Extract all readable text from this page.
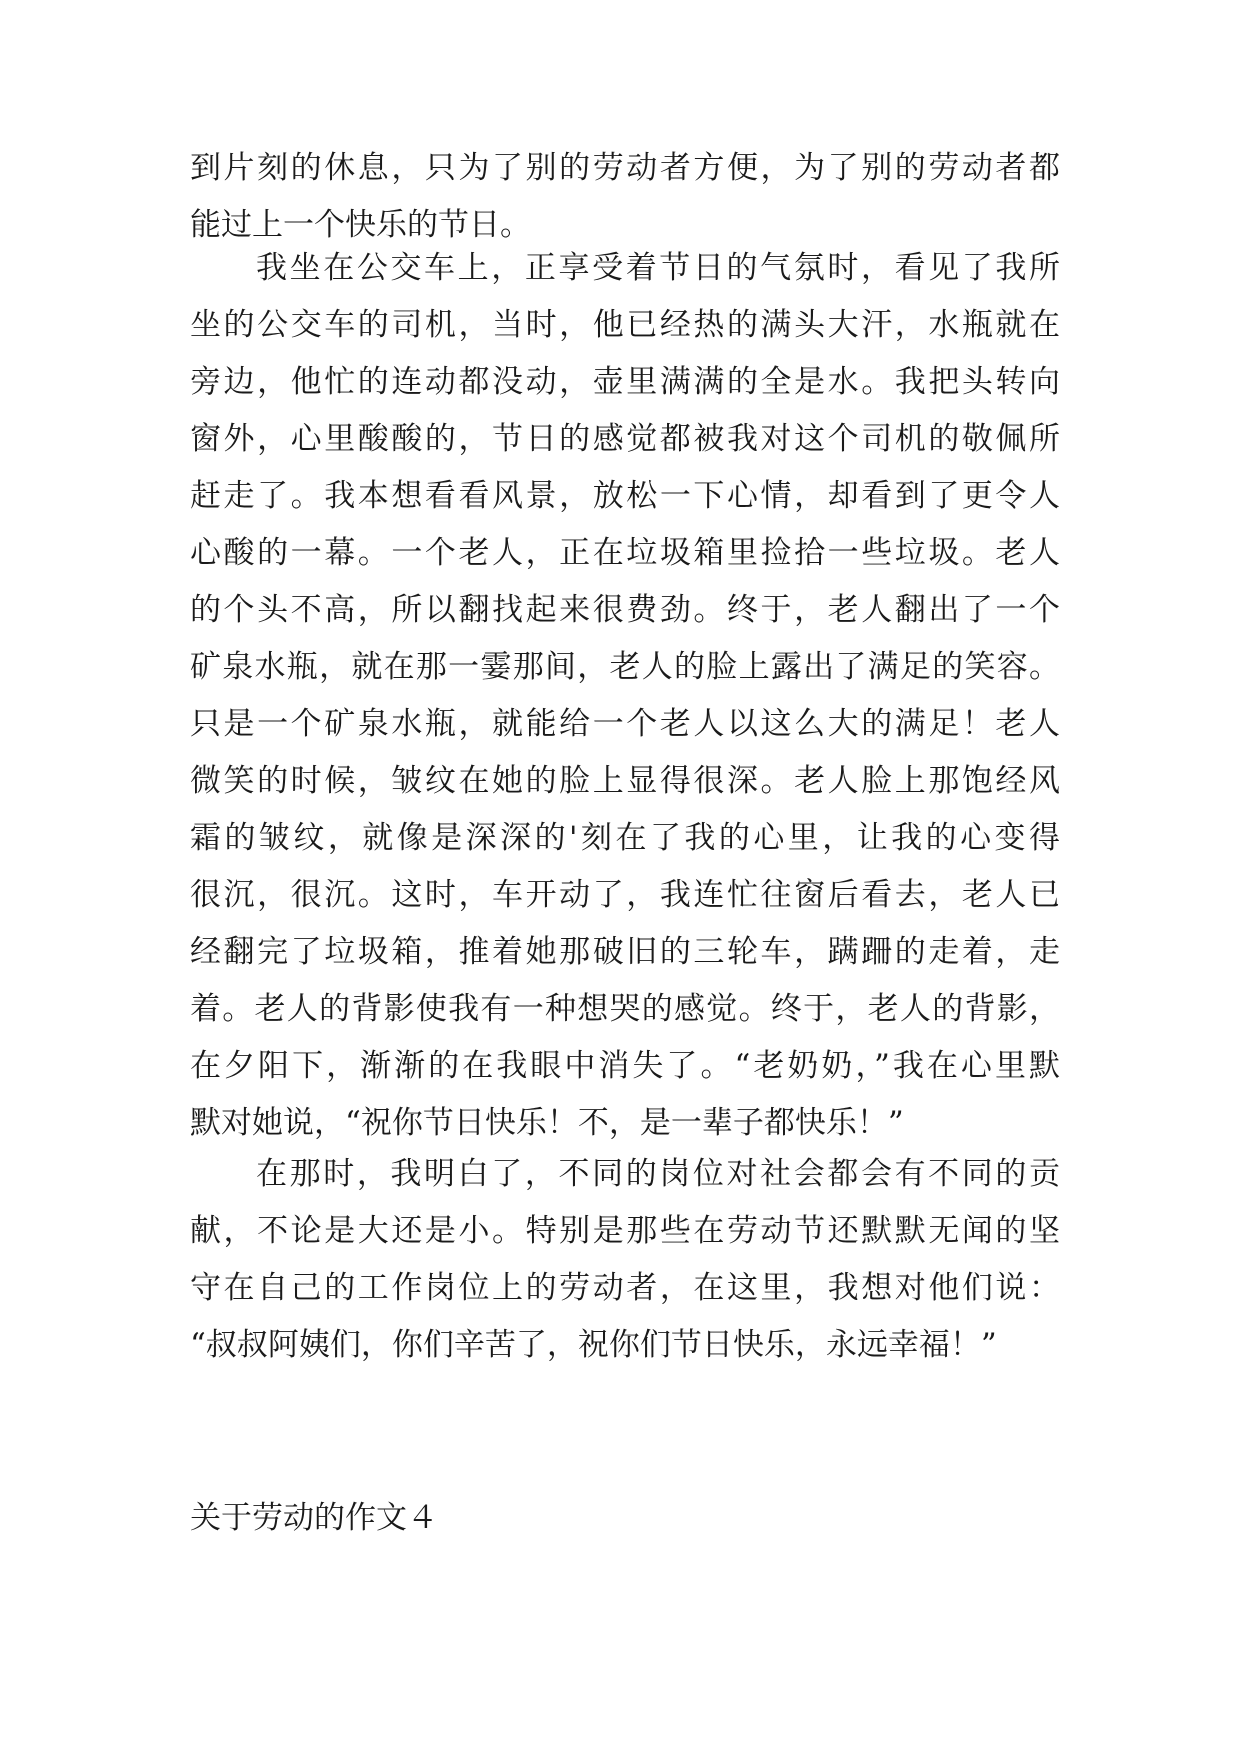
到片刻的休息，只为了别的劳动者方便，为了别的劳动者都
能过上一个快乐的节日。
我坐在公交车上，正享受着节日的气氛时，看见了我所
坐的公交车的司机，当时，他已经热的满头大汗，水瓶就在
旁边，他忙的连动都没动，壶里满满的全是水。我把头转向
窗外，心里酸酸的，节日的感觉都被我对这个司机的敬佩所
赶走了。我本想看看风景，放松一下心情，却看到了更令人
心酸的一幕。一个老人，正在垃圾箱里捡拾一些垃圾。老人
的个头不高，所以翻找起来很费劲。终于，老人翻出了一个
矿泉水瓶，就在那一霎那间，老人的脸上露出了满足的笑容。
只是一个矿泉水瓶，就能给一个老人以这么大的满足！老人
微笑的时候，皱纹在她的脸上显得很深。老人脸上那饱经风
霜的皱纹，就像是深深的'刻在了我的心里，让我的心变得
很沉，很沉。这时，车开动了，我连忙往窗后看去，老人已
经翻完了垃圾箱，推着她那破旧的三轮车，蹒跚的走着，走
着。老人的背影使我有一种想哭的感觉。终于，老人的背影，
在夕阳下，渐渐的在我眼中消失了。“老奶奶，”我在心里默
默对她说，“祝你节日快乐！不，是一辈子都快乐！”
在那时，我明白了，不同的岗位对社会都会有不同的贡
献，不论是大还是小。特别是那些在劳动节还默默无闻的坚
守在自己的工作岗位上的劳动者，在这里，我想对他们说：
“叔叔阿姨们，你们辛苦了，祝你们节日快乐，永远幸福！”
关于劳动的作文４
